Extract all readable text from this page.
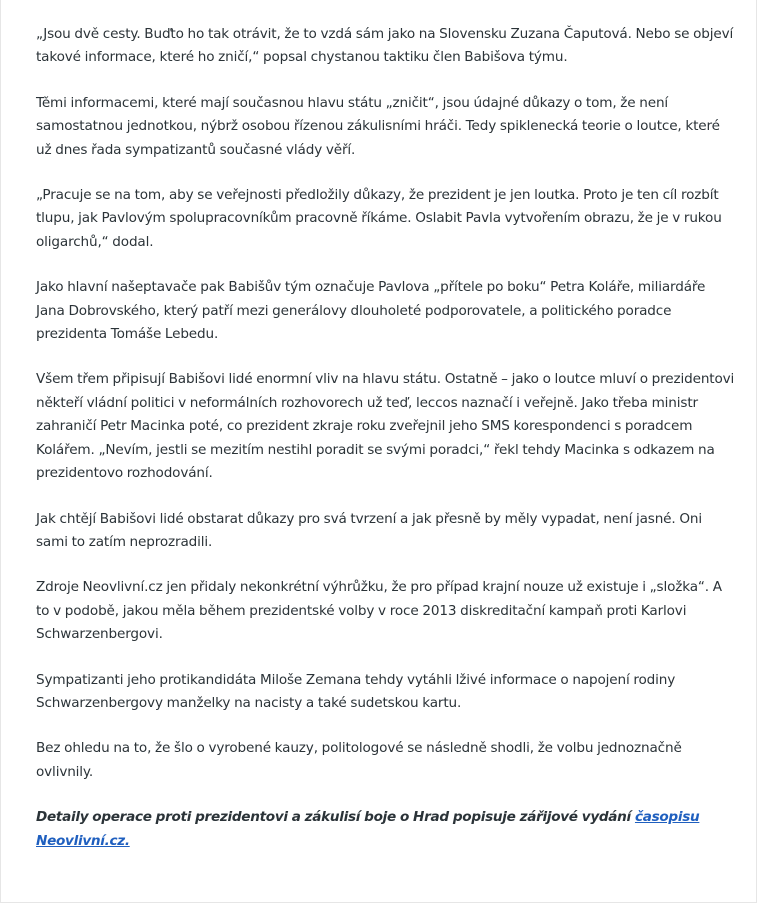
„Jsou dvě cesty. Buďto ho tak otrávit, že to vzdá sám jako na Slovensku Zuzana Čaputová. Nebo se objeví takové informace, které ho zničí,“ popsal chystanou taktiku člen Babišova týmu.

Těmi informacemi, které mají současnou hlavu státu „zničit“, jsou údajné důkazy o tom, že není samostatnou jednotkou, nýbrž osobou řízenou zákulisními hráči. Tedy spiklenecká teorie o loutce, které už dnes řada sympatizantů současné vlády věří.

„Pracuje se na tom, aby se veřejnosti předložily důkazy, že prezident je jen loutka. Proto je ten cíl rozbít tlupu, jak Pavlovým spolupracovníkům pracovně říkáme. Oslabit Pavla vytvořením obrazu, že je v rukou oligarchů,“ dodal.

Jako hlavní našeptavače pak Babišův tým označuje Pavlova „přítele po boku“ Petra Koláře, miliardáře Jana Dobrovského, který patří mezi generálovy dlouholeté podporovatele, a politického poradce prezidenta Tomáše Lebedu.

Všem třem připisují Babišovi lidé enormní vliv na hlavu státu. Ostatně – jako o loutce mluví o prezidentovi někteří vládní politici v neformálních rozhovorech už teď, leccos naznačí i veřejně. Jako třeba ministr zahraničí Petr Macinka poté, co prezident zkraje roku zveřejnil jeho SMS korespondenci s poradcem Kolářem. „Nevím, jestli se mezitím nestihl poradit se svými poradci,“ řekl tehdy Macinka s odkazem na prezidentovo rozhodování.

Jak chtějí Babišovi lidé obstarat důkazy pro svá tvrzení a jak přesně by měly vypadat, není jasné. Oni sami to zatím neprozradili.

Zdroje Neovlivní.cz jen přidaly nekonkrétní výhrůžku, že pro případ krajní nouze už existuje i „složka“. A to v podobě, jakou měla během prezidentské volby v roce 2013 diskreditační kampaň proti Karlovi Schwarzenbergovi.

Sympatizanti jeho protikandidáta Miloše Zemana tehdy vytáhli lživé informace o napojení rodiny Schwarzenbergovy manželky na nacisty a také sudetskou kartu.

Bez ohledu na to, že šlo o vyrobené kauzy, politologové se následně shodli, že volbu jednoznačně ovlivnily.

Detaily operace proti prezidentovi a zákulisí boje o Hrad popisuje zářijové vydání časopisu Neovlivní.cz.
